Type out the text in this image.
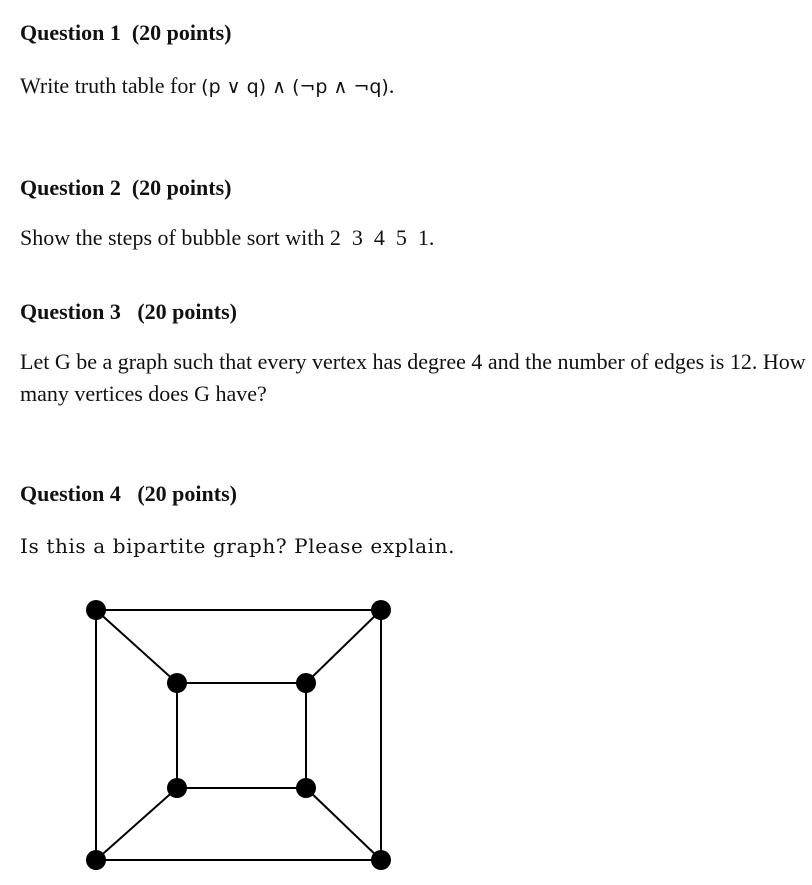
Question 1  (20 points)

Write truth table for (p ∨ q) ∧ (¬p ∧ ¬q).

Question 2  (20 points)

Show the steps of bubble sort with 2  3  4  5  1.

Question 3   (20 points)

Let G be a graph such that every vertex has degree 4 and the number of edges is 12. How many vertices does G have?

Question 4   (20 points)

Is this a bipartite graph? Please explain.
